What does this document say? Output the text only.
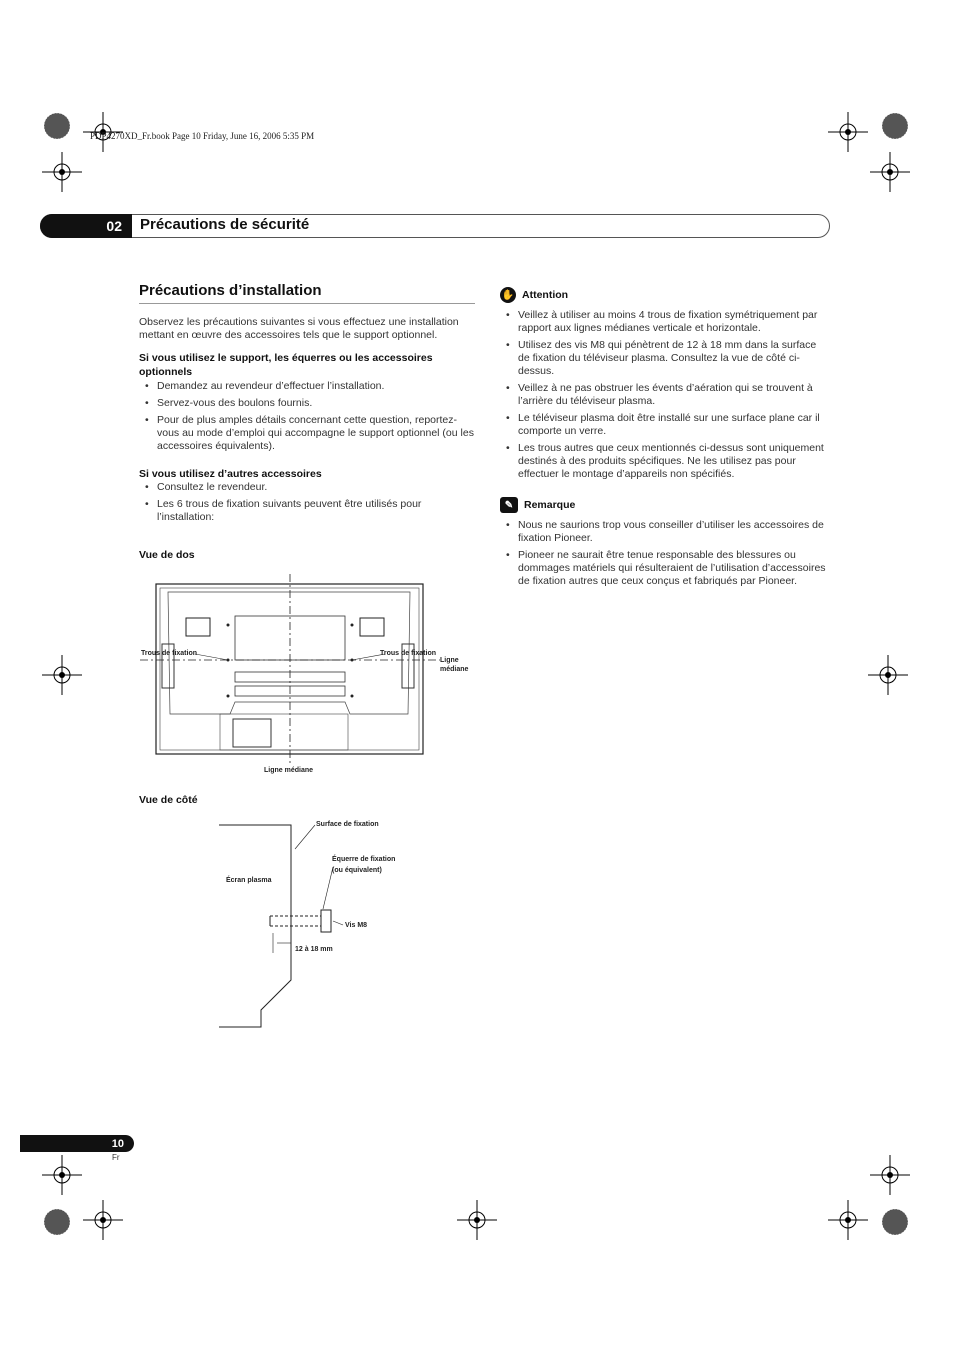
PDP4270XD_Fr.book Page 10 Friday, June 16, 2006 5:35 PM
02	Précautions de sécurité
Précautions d’installation

Observez les précautions suivantes si vous effectuez une installation mettant en œuvre des accessoires tels que le support optionnel.

Si vous utilisez le support, les équerres ou les accessoires optionnels
• Demandez au revendeur d’effectuer l’installation.
• Servez-vous des boulons fournis.
• Pour de plus amples détails concernant cette question, reportez-vous au mode d’emploi qui accompagne le support optionnel (ou les accessoires équivalents).
Si vous utilisez d’autres accessoires
• Consultez le revendeur.
• Les 6 trous de fixation suivants peuvent être utilisés pour l’installation:
Vue de dos
Trous de fixation	Trous de fixation
Ligne
médiane
Ligne médiane
Vue de côté
Surface de fixation
Équerre de fixation
(ou équivalent)
Écran plasma
Vis M8
12 à 18 mm
✋ Attention
• Veillez à utiliser au moins 4 trous de fixation symétriquement par rapport aux lignes médianes verticale et horizontale.
• Utilisez des vis M8 qui pénètrent de 12 à 18 mm dans la surface de fixation du téléviseur plasma. Consultez la vue de côté ci-dessus.
• Veillez à ne pas obstruer les évents d’aération qui se trouvent à l’arrière du téléviseur plasma.
• Le téléviseur plasma doit être installé sur une surface plane car il comporte un verre.
• Les trous autres que ceux mentionnés ci-dessus sont uniquement destinés à des produits spécifiques. Ne les utilisez pas pour effectuer le montage d’appareils non spécifiés.
✎	Remarque
• Nous ne saurions trop vous conseiller d’utiliser les accessoires de fixation Pioneer.
• Pioneer ne saurait être tenue responsable des blessures ou dommages matériels qui résulteraient de l’utilisation d’accessoires de fixation autres que ceux conçus et fabriqués par Pioneer.
10
Fr
